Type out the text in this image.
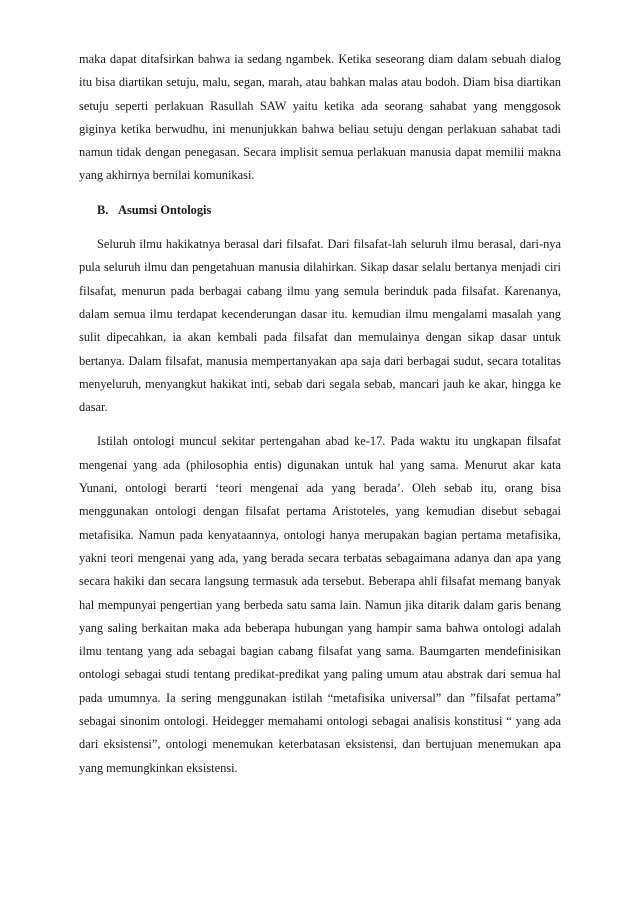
maka dapat ditafsirkan bahwa ia sedang ngambek. Ketika seseorang diam dalam sebuah dialog itu bisa diartikan setuju, malu, segan, marah, atau bahkan malas atau bodoh. Diam bisa diartikan setuju seperti perlakuan Rasullah SAW yaitu ketika ada seorang sahabat yang menggosok giginya ketika berwudhu, ini menunjukkan bahwa beliau setuju dengan perlakuan sahabat tadi namun tidak dengan penegasan. Secara implisit semua perlakuan manusia dapat memilii makna yang akhirnya bernilai komunikasi.

B. Asumsi Ontologis

Seluruh ilmu hakikatnya berasal dari filsafat. Dari filsafat-lah seluruh ilmu berasal, dari-nya pula seluruh ilmu dan pengetahuan manusia dilahirkan. Sikap dasar selalu bertanya menjadi ciri filsafat, menurun pada berbagai cabang ilmu yang semula berinduk pada filsafat. Karenanya, dalam semua ilmu terdapat kecenderungan dasar itu. kemudian ilmu mengalami masalah yang sulit dipecahkan, ia akan kembali pada filsafat dan memulainya dengan sikap dasar untuk bertanya. Dalam filsafat, manusia mempertanyakan apa saja dari berbagai sudut, secara totalitas menyeluruh, menyangkut hakikat inti, sebab dari segala sebab, mancari jauh ke akar, hingga ke dasar.

Istilah ontologi muncul sekitar pertengahan abad ke-17. Pada waktu itu ungkapan filsafat mengenai yang ada (philosophia entis) digunakan untuk hal yang sama. Menurut akar kata Yunani, ontologi berarti ‘teori mengenai ada yang berada’. Oleh sebab itu, orang bisa menggunakan ontologi dengan filsafat pertama Aristoteles, yang kemudian disebut sebagai metafisika. Namun pada kenyataannya, ontologi hanya merupakan bagian pertama metafisika, yakni teori mengenai yang ada, yang berada secara terbatas sebagaimana adanya dan apa yang secara hakiki dan secara langsung termasuk ada tersebut. Beberapa ahli filsafat memang banyak hal mempunyai pengertian yang berbeda satu sama lain. Namun jika ditarik dalam garis benang yang saling berkaitan maka ada beberapa hubungan yang hampir sama bahwa ontologi adalah ilmu tentang yang ada sebagai bagian cabang filsafat yang sama. Baumgarten mendefinisikan ontologi sebagai studi tentang predikat-predikat yang paling umum atau abstrak dari semua hal pada umumnya. Ia sering menggunakan istilah “metafisika universal” dan ”filsafat pertama” sebagai sinonim ontologi. Heidegger memahami ontologi sebagai analisis konstitusi “ yang ada dari eksistensi”, ontologi menemukan keterbatasan eksistensi, dan bertujuan menemukan apa yang memungkinkan eksistensi.
